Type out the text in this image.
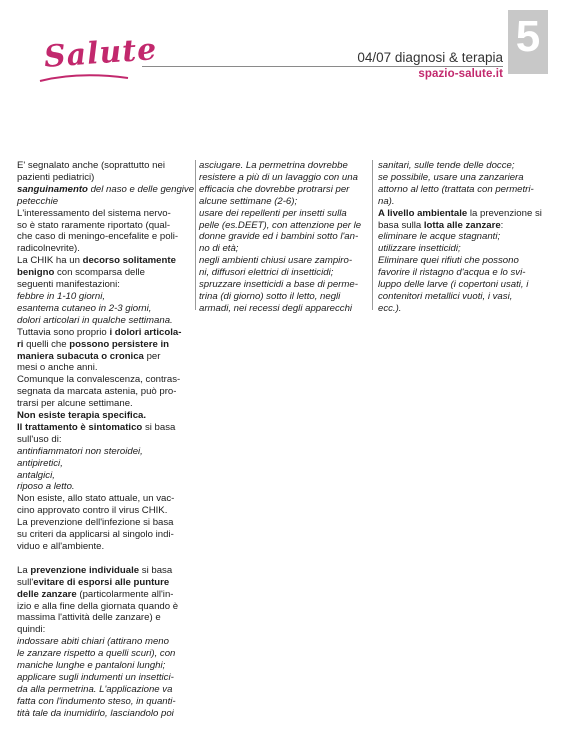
Salute	04/07 diagnosi & terapia

spazio-salute.it

5
E' segnalato anche (soprattutto nei
pazienti pediatrici)
sanguinamento del naso e delle gengive
petecchie
L'interessamento del sistema nervo-
so è stato raramente riportato (qual-
che caso di meningo-encefalite e poli-
radicolnevrite).
La CHIK ha un decorso solitamente
benigno con scomparsa delle
seguenti manifestazioni:
febbre in 1-10 giorni,
esantema cutaneo in 2-3 giorni,
dolori articolari in qualche settimana.
Tuttavia sono proprio i dolori articola-
ri quelli che possono persistere in
maniera subacuta o cronica per
mesi o anche anni.
Comunque la convalescenza, contras-
segnata da marcata astenia, può pro-
trarsi per alcune settimane.
Non esiste terapia specifica.
Il trattamento è sintomatico si basa
sull'uso di:
antinfiammatori non steroidei,
antipiretici,
antalgici,
riposo a letto.
Non esiste, allo stato attuale, un vac-
cino approvato contro il virus CHIK.
La prevenzione dell'infezione si basa
su criteri da applicarsi al singolo indi-
viduo e all'ambiente.
La prevenzione individuale si basa
sull'evitare di esporsi alle punture
delle zanzare (particolarmente all'in-
izio e alla fine della giornata quando è
massima l'attività delle zanzare) e
quindi:
indossare abiti chiari (attirano meno
le zanzare rispetto a quelli scuri), con
maniche lunghe e pantaloni lunghi;
applicare sugli indumenti un insettici-
da alla permetrina. L'applicazione va
fatta con l'indumento steso, in quanti-
tità tale da inumidirlo, lasciandolo poi
asciugare. La permetrina dovrebbe
resistere a più di un lavaggio con una
efficacia che dovrebbe protrarsi per
alcune settimane (2-6);
usare dei repellenti per insetti sulla
pelle (es.DEET), con attenzione per le
donne gravide ed i bambini sotto l'an-
no di età;
negli ambienti chiusi usare zampiro-
ni, diffusori elettrici di insetticidi;
spruzzare insetticidi a base di perme-
trina (di giorno) sotto il letto, negli
armadi, nei recessi degli apparecchi
sanitari, sulle tende delle docce;
se possibile, usare una zanzariera
attorno al letto (trattata con permetri-
na).
A livello ambientale la prevenzione si
basa sulla lotta alle zanzare:
eliminare le acque stagnanti;
utilizzare insetticidi;
Eliminare quei rifiuti che possono
favorire il ristagno d'acqua e lo svi-
luppo delle larve (i copertoni usati, i
contenitori metallici vuoti, i vasi,
ecc.).
